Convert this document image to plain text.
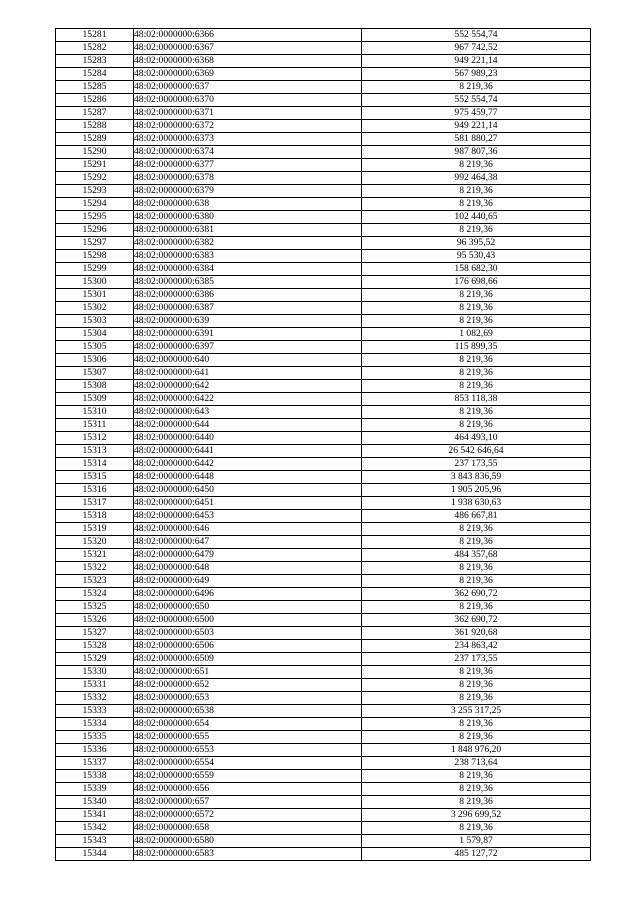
15281	48:02:0000000:6366	552 554,74
15282	48:02:0000000:6367	967 742,52
15283	48:02:0000000:6368	949 221,14
15284	48:02:0000000:6369	567 989,23
15285	48:02:0000000:637	8 219,36
15286	48:02:0000000:6370	552 554,74
15287	48:02:0000000:6371	975 459,77
15288	48:02:0000000:6372	949 221,14
15289	48:02:0000000:6373	581 880,27
15290	48:02:0000000:6374	987 807,36
15291	48:02:0000000:6377	8 219,36
15292	48:02:0000000:6378	992 464,38
15293	48:02:0000000:6379	8 219,36
15294	48:02:0000000:638	8 219,36
15295	48:02:0000000:6380	102 440,65
15296	48:02:0000000:6381	8 219,36
15297	48:02:0000000:6382	96 395,52
15298	48:02:0000000:6383	95 530,43
15299	48:02:0000000:6384	158 682,30
15300	48:02:0000000:6385	176 698,66
15301	48:02:0000000:6386	8 219,36
15302	48:02:0000000:6387	8 219,36
15303	48:02:0000000:639	8 219,36
15304	48:02:0000000:6391	1 082,69
15305	48:02:0000000:6397	115 899,35
15306	48:02:0000000:640	8 219,36
15307	48:02:0000000:641	8 219,36
15308	48:02:0000000:642	8 219,36
15309	48:02:0000000:6422	853 118,38
15310	48:02:0000000:643	8 219,36
15311	48:02:0000000:644	8 219,36
15312	48:02:0000000:6440	464 493,10
15313	48:02:0000000:6441	26 542 646,64
15314	48:02:0000000:6442	237 173,55
15315	48:02:0000000:6448	3 843 836,59
15316	48:02:0000000:6450	1 905 205,96
15317	48:02:0000000:6451	1 938 630,63
15318	48:02:0000000:6453	486 667,81
15319	48:02:0000000:646	8 219,36
15320	48:02:0000000:647	8 219,36
15321	48:02:0000000:6479	484 357,68
15322	48:02:0000000:648	8 219,36
15323	48:02:0000000:649	8 219,36
15324	48:02:0000000:6496	362 690,72
15325	48:02:0000000:650	8 219,36
15326	48:02:0000000:6500	362 690,72
15327	48:02:0000000:6503	361 920,68
15328	48:02:0000000:6506	234 863,42
15329	48:02:0000000:6509	237 173,55
15330	48:02:0000000:651	8 219,36
15331	48:02:0000000:652	8 219,36
15332	48:02:0000000:653	8 219,36
15333	48:02:0000000:6538	3 255 317,25
15334	48:02:0000000:654	8 219,36
15335	48:02:0000000:655	8 219,36
15336	48:02:0000000:6553	1 848 976,20
15337	48:02:0000000:6554	238 713,64
15338	48:02:0000000:6559	8 219,36
15339	48:02:0000000:656	8 219,36
15340	48:02:0000000:657	8 219,36
15341	48:02:0000000:6572	3 296 699,52
15342	48:02:0000000:658	8 219,36
15343	48:02:0000000:6580	1 579,87
15344	48:02:0000000:6583	485 127,72
